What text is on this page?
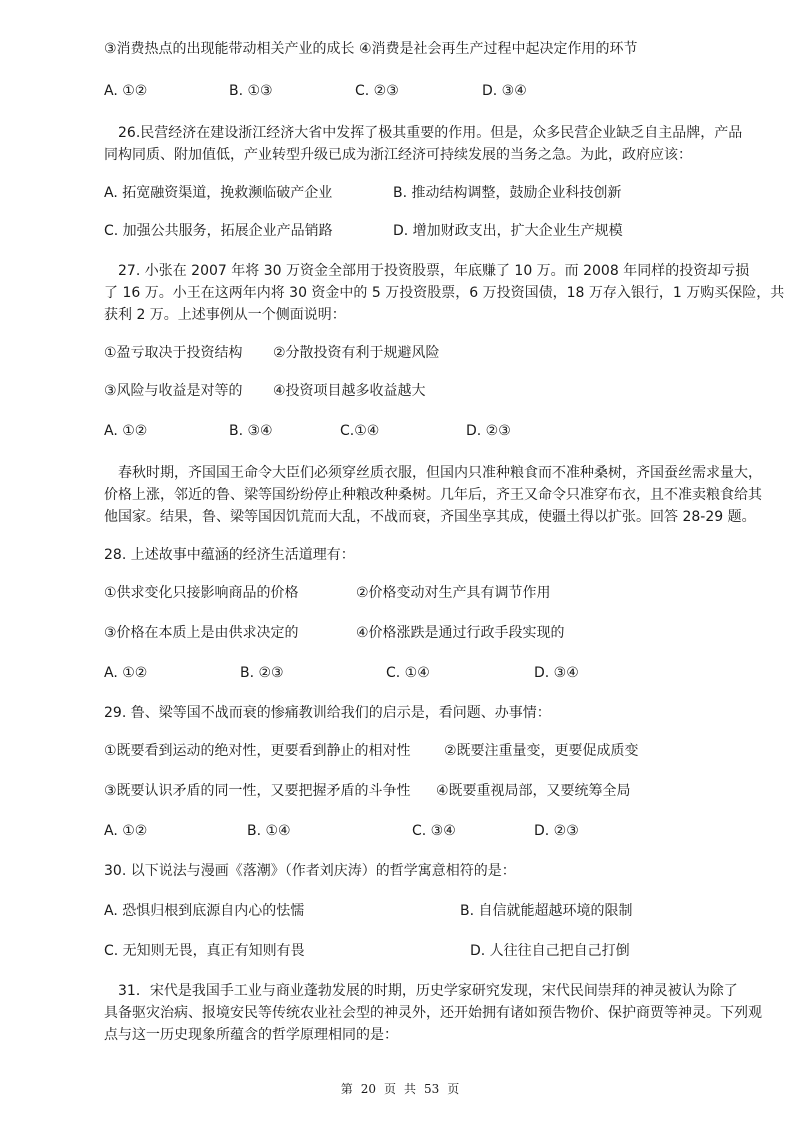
③消费热点的出现能带动相关产业的成长 ④消费是社会再生产过程中起决定作用的环节
A. ①②	B. ①③	C. ②③	D. ③④
26.民营经济在建设浙江经济大省中发挥了极其重要的作用。但是，众多民营企业缺乏自主品牌，产品
同构同质、附加值低，产业转型升级已成为浙江经济可持续发展的当务之急。为此，政府应该：
A. 拓宽融资渠道，挽救濒临破产企业	B. 推动结构调整，鼓励企业科技创新
C. 加强公共服务，拓展企业产品销路	D. 增加财政支出，扩大企业生产规模
27. 小张在 2007 年将 30 万资金全部用于投资股票，年底赚了 10 万。而 2008 年同样的投资却亏损
了 16 万。小王在这两年内将 30 资金中的 5 万投资股票，6 万投资国债，18 万存入银行，1 万购买保险，共
获利 2 万。上述事例从一个侧面说明：
①盈亏取决于投资结构 ②分散投资有利于规避风险
③风险与收益是对等的 ④投资项目越多收益越大
A. ①②	B. ③④	C.①④	D. ②③
春秋时期，齐国国王命令大臣们必须穿丝质衣服，但国内只准种粮食而不准种桑树，齐国蚕丝需求量大，
价格上涨，邻近的鲁、梁等国纷纷停止种粮改种桑树。几年后，齐王又命令只准穿布衣，且不准卖粮食给其
他国家。结果，鲁、梁等国因饥荒而大乱，不战而衰，齐国坐享其成，使疆土得以扩张。回答 28-29 题。
28. 上述故事中蕴涵的经济生活道理有：
①供求变化只接影响商品的价格	②价格变动对生产具有调节作用
③价格在本质上是由供求决定的	④价格涨跌是通过行政手段实现的
A. ①②	B. ②③	C. ①④	D. ③④
29. 鲁、梁等国不战而衰的惨痛教训给我们的启示是，看问题、办事情：
①既要看到运动的绝对性，更要看到静止的相对性 ②既要注重量变，更要促成质变
③既要认识矛盾的同一性，又要把握矛盾的斗争性 ④既要重视局部，又要统筹全局
A. ①②	B. ①④	C. ③④	D. ②③
30. 以下说法与漫画《落潮》（作者刘庆涛）的哲学寓意相符的是：
A. 恐惧归根到底源自内心的怯懦	B. 自信就能超越环境的限制
C. 无知则无畏，真正有知则有畏	D. 人往往自己把自己打倒
31．宋代是我国手工业与商业蓬勃发展的时期，历史学家研究发现，宋代民间崇拜的神灵被认为除了
具备驱灾治病、报境安民等传统农业社会型的神灵外，还开始拥有诸如预告物价、保护商贾等神灵。下列观
点与这一历史现象所蕴含的哲学原理相同的是：
第 20 页 共 53 页
